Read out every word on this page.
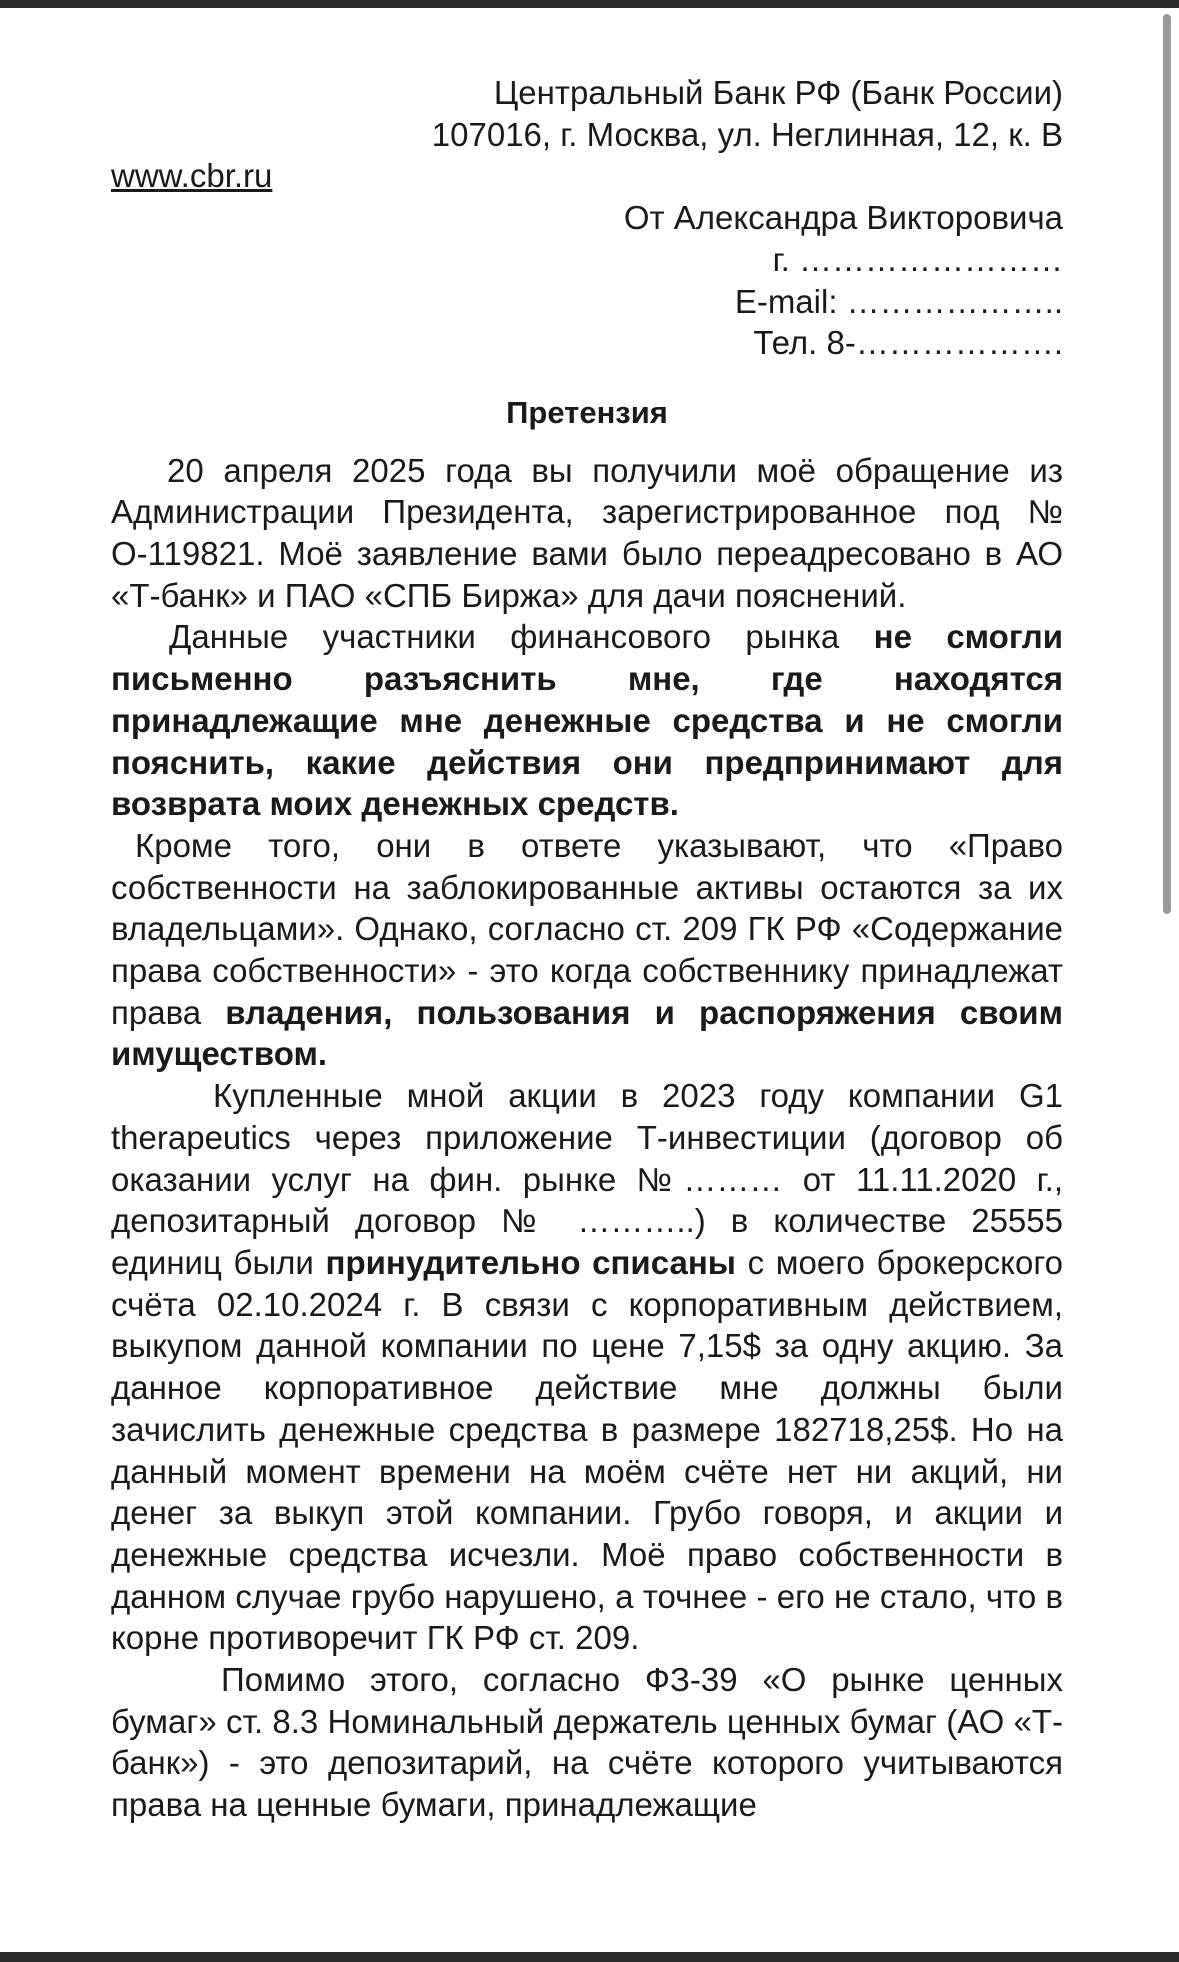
Центральный Банк РФ (Банк России)
107016, г. Москва, ул. Неглинная, 12, к. В
www.cbr.ru
От Александра Викторовича
г. ……………………
E-mail: ………………..
Тел. 8-……………….
Претензия
20 апреля 2025 года вы получили моё обращение из Администрации Президента, зарегистрированное под № О-119821. Моё заявление вами было переадресовано в АО «Т-банк» и ПАО «СПБ Биржа» для дачи пояснений.
Данные участники финансового рынка не смогли письменно разъяснить мне, где находятся принадлежащие мне денежные средства и не смогли пояснить, какие действия они предпринимают для возврата моих денежных средств.
Кроме того, они в ответе указывают, что «Право собственности на заблокированные активы остаются за их владельцами». Однако, согласно ст. 209 ГК РФ «Содержание права собственности» - это когда собственнику принадлежат права владения, пользования и распоряжения своим имуществом.
Купленные мной акции в 2023 году компании G1 therapeutics через приложение Т-инвестиции (договор об оказании услуг на фин. рынке №……… от 11.11.2020 г., депозитарный договор № ………..) в количестве 25555 единиц были принудительно списаны с моего брокерского счёта 02.10.2024 г. В связи с корпоративным действием, выкупом данной компании по цене 7,15$ за одну акцию. За данное корпоративное действие мне должны были зачислить денежные средства в размере 182718,25$. Но на данный момент времени на моём счёте нет ни акций, ни денег за выкуп этой компании. Грубо говоря, и акции и денежные средства исчезли. Моё право собственности в данном случае грубо нарушено, а точнее - его не стало, что в корне противоречит ГК РФ ст. 209.
Помимо этого, согласно ФЗ-39 «О рынке ценных бумаг» ст. 8.3 Номинальный держатель ценных бумаг (АО «Т-банк») - это депозитарий, на счёте которого учитываются права на ценные бумаги, принадлежащие
